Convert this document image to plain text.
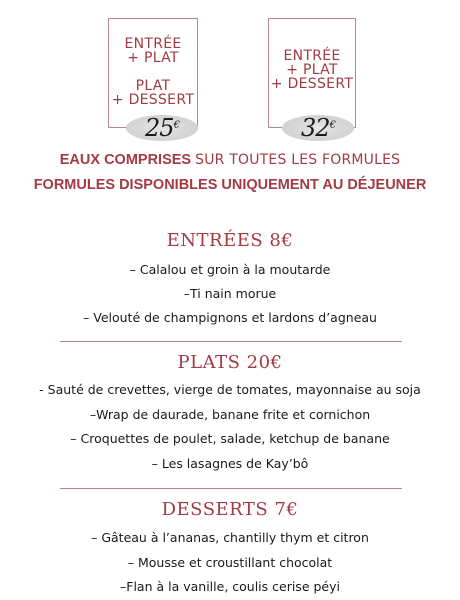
ENTRÉE
+ PLAT

PLAT
+ DESSERT
25€
ENTRÉE
+ PLAT
+ DESSERT
32€
EAUX COMPRISES SUR TOUTES LES FORMULES
FORMULES DISPONIBLES UNIQUEMENT AU DÉJEUNER
ENTRÉES 8€
– Calalou et groin à la moutarde
–Ti nain morue
– Velouté de champignons et lardons d’agneau
PLATS 20€
- Sauté de crevettes, vierge de tomates, mayonnaise au soja
–Wrap de daurade, banane frite et cornichon
– Croquettes de poulet, salade, ketchup de banane
– Les lasagnes de Kay’bô
DESSERTS 7€
– Gâteau à l’ananas, chantilly thym et citron
– Mousse et croustillant chocolat
–Flan à la vanille, coulis cerise péyi
